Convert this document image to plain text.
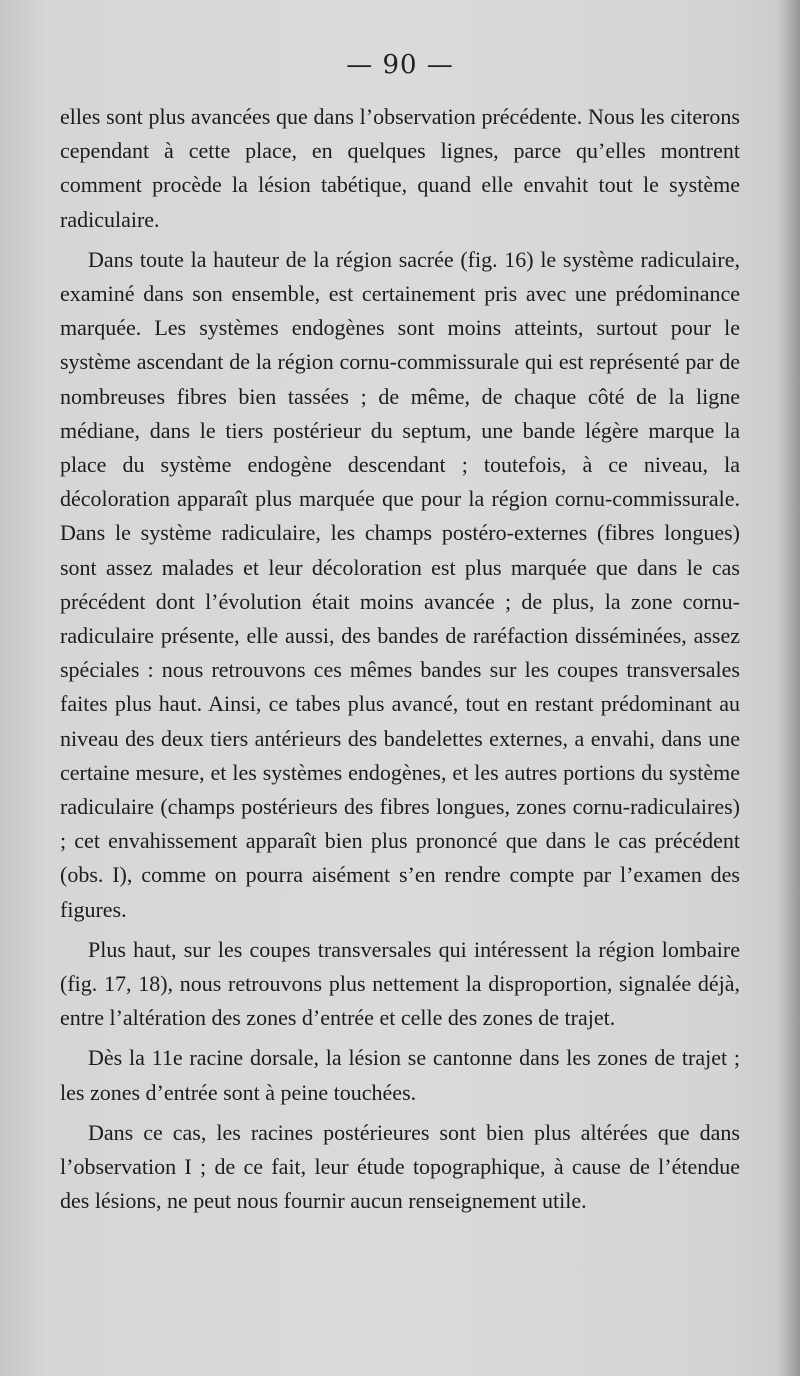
— 90 —

elles sont plus avancées que dans l’observation précédente. Nous les citerons cependant à cette place, en quelques lignes, parce qu’elles montrent comment procède la lésion tabétique, quand elle envahit tout le système radiculaire.

Dans toute la hauteur de la région sacrée (fig. 16) le système radiculaire, examiné dans son ensemble, est certainement pris avec une prédominance marquée. Les systèmes endogènes sont moins atteints, surtout pour le système ascendant de la région cornu-commissurale qui est représenté par de nombreuses fibres bien tassées ; de même, de chaque côté de la ligne médiane, dans le tiers postérieur du septum, une bande légère marque la place du système endogène descendant ; toutefois, à ce niveau, la décoloration apparaît plus marquée que pour la région cornu-commissurale. Dans le système radiculaire, les champs postéro-externes (fibres longues) sont assez malades et leur décoloration est plus marquée que dans le cas précédent dont l’évolution était moins avancée ; de plus, la zone cornu-radiculaire présente, elle aussi, des bandes de raréfaction disséminées, assez spéciales : nous retrouvons ces mêmes bandes sur les coupes transversales faites plus haut. Ainsi, ce tabes plus avancé, tout en restant prédominant au niveau des deux tiers antérieurs des bandelettes externes, a envahi, dans une certaine mesure, et les systèmes endogènes, et les autres portions du système radiculaire (champs postérieurs des fibres longues, zones cornu-radiculaires) ; cet envahissement apparaît bien plus prononcé que dans le cas précédent (obs. I), comme on pourra aisément s’en rendre compte par l’examen des figures.

Plus haut, sur les coupes transversales qui intéressent la région lombaire (fig. 17, 18), nous retrouvons plus nettement la disproportion, signalée déjà, entre l’altération des zones d’entrée et celle des zones de trajet.

Dès la 11e racine dorsale, la lésion se cantonne dans les zones de trajet ; les zones d’entrée sont à peine touchées.

Dans ce cas, les racines postérieures sont bien plus altérées que dans l’observation I ; de ce fait, leur étude topographique, à cause de l’étendue des lésions, ne peut nous fournir aucun renseignement utile.
